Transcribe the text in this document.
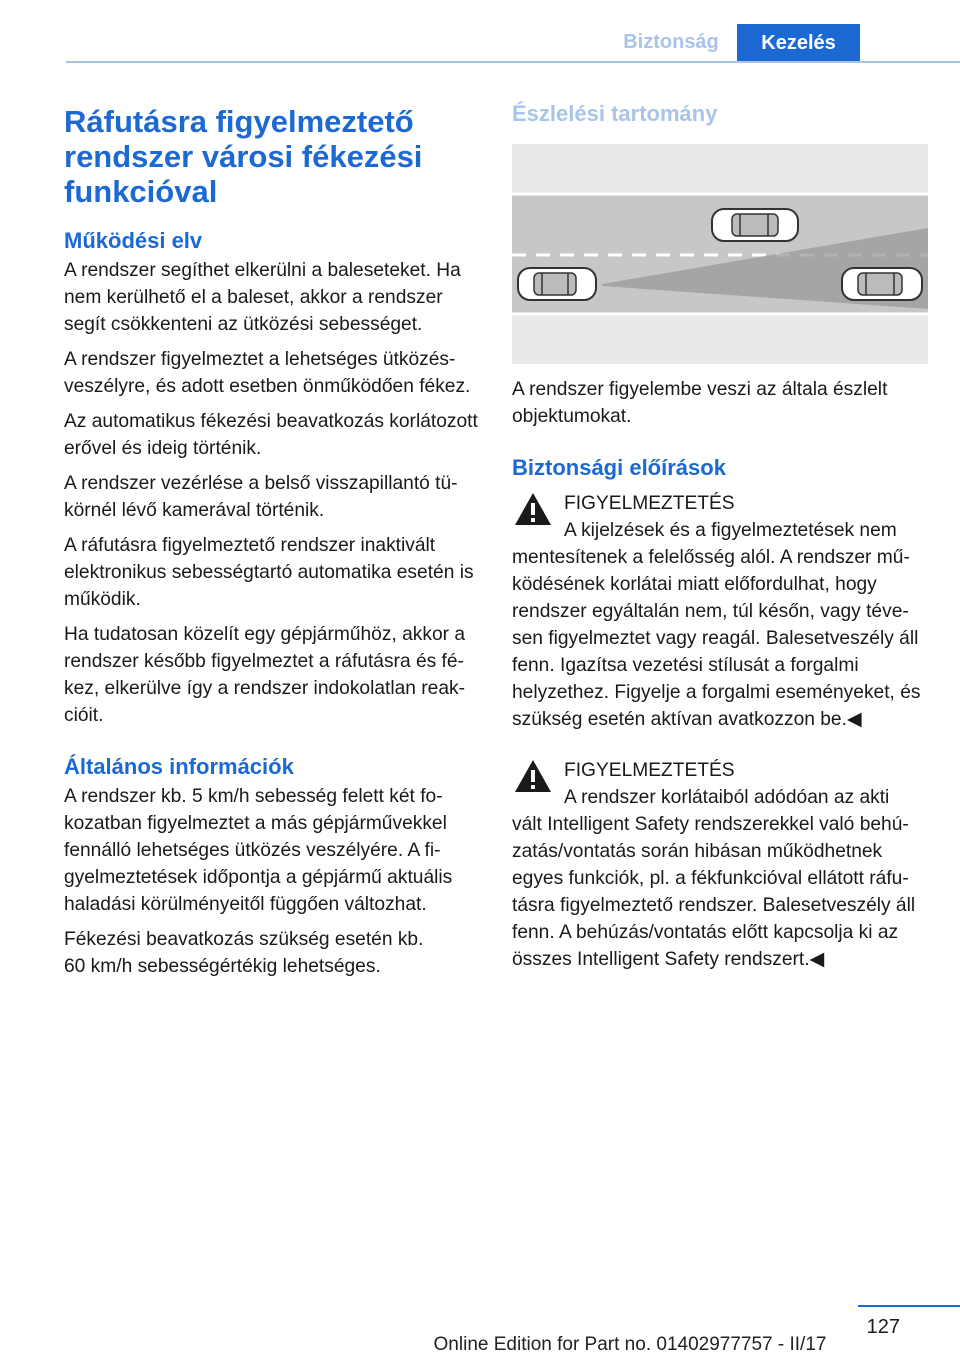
Biztonság	Kezelés
Ráfutásra figyelmeztető rendszer városi fékezési funkcióval
Működési elv

A rendszer segíthet elkerülni a baleseteket. Ha nem kerülhető el a baleset, akkor a rendszer segít csökkenteni az ütközési sebességet.

A rendszer figyelmeztet a lehetséges ütközésveszélyre, és adott esetben önműködően fékez.

Az automatikus fékezési beavatkozás korlátozott erővel és ideig történik.

A rendszer vezérlése a belső visszapillantó tükörnél lévő kamerával történik.

A ráfutásra figyelmeztető rendszer inaktivált elektronikus sebességtartó automatika esetén is működik.

Ha tudatosan közelít egy gépjárműhöz, akkor a rendszer később figyelmeztet a ráfutásra és fékez, elkerülve így a rendszer indokolatlan reakcióit.

Általános információk

A rendszer kb. 5 km/h sebesség felett két fokozatban figyelmeztet a más gépjárművekkel fennálló lehetséges ütközés veszélyére. A figyelmeztetések időpontja a gépjármű aktuális haladási körülményeitől függően változhat.

Fékezési beavatkozás szükség esetén kb.
60 km/h sebességértékig lehetséges.

Észlelési tartomány

A rendszer figyelembe veszi az általa észlelt objektumokat.

Biztonsági előírások
FIGYELMEZTETÉS
A kijelzések és a figyelmeztetések nem

mentesítenek a felelősség alól. A rendszer működésének korlátai miatt előfordulhat, hogy rendszer egyáltalán nem, túl későn, vagy tévesen figyelmeztet vagy reagál. Balesetveszély áll fenn. Igazítsa vezetési stílusát a forgalmi helyzethez. Figyelje a forgalmi eseményeket, és szükség esetén aktívan avatkozzon be.◀

FIGYELMEZTETÉS
A rendszer korlátaiból adódóan az akti

vált Intelligent Safety rendszerekkel való behúzatás/vontatás során hibásan működhetnek egyes funkciók, pl. a fékfunkcióval ellátott ráfutásra figyelmeztető rendszer. Balesetveszély áll fenn. A behúzás/vontatás előtt kapcsolja ki az összes Intelligent Safety rendszert.◀

127
Online Edition for Part no. 01402977757 - II/17
